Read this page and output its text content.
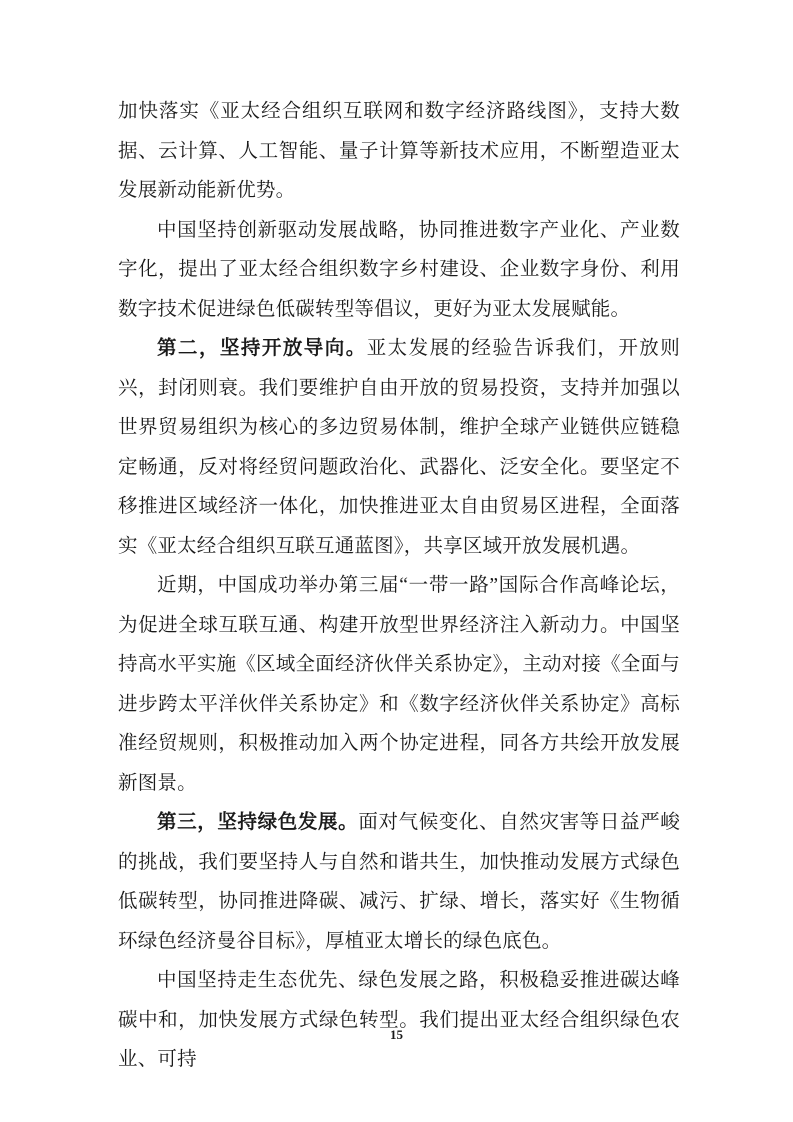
加快落实《亚太经合组织互联网和数字经济路线图》，支持大数据、云计算、人工智能、量子计算等新技术应用，不断塑造亚太发展新动能新优势。

中国坚持创新驱动发展战略，协同推进数字产业化、产业数字化，提出了亚太经合组织数字乡村建设、企业数字身份、利用数字技术促进绿色低碳转型等倡议，更好为亚太发展赋能。

第二，坚持开放导向。亚太发展的经验告诉我们，开放则兴，封闭则衰。我们要维护自由开放的贸易投资，支持并加强以世界贸易组织为核心的多边贸易体制，维护全球产业链供应链稳定畅通，反对将经贸问题政治化、武器化、泛安全化。要坚定不移推进区域经济一体化，加快推进亚太自由贸易区进程，全面落实《亚太经合组织互联互通蓝图》，共享区域开放发展机遇。

近期，中国成功举办第三届“一带一路”国际合作高峰论坛，为促进全球互联互通、构建开放型世界经济注入新动力。中国坚持高水平实施《区域全面经济伙伴关系协定》，主动对接《全面与进步跨太平洋伙伴关系协定》和《数字经济伙伴关系协定》高标准经贸规则，积极推动加入两个协定进程，同各方共绘开放发展新图景。

第三，坚持绿色发展。面对气候变化、自然灾害等日益严峻的挑战，我们要坚持人与自然和谐共生，加快推动发展方式绿色低碳转型，协同推进降碳、减污、扩绿、增长，落实好《生物循环绿色经济曼谷目标》，厚植亚太增长的绿色底色。

中国坚持走生态优先、绿色发展之路，积极稳妥推进碳达峰碳中和，加快发展方式绿色转型。我们提出亚太经合组织绿色农业、可持

15
